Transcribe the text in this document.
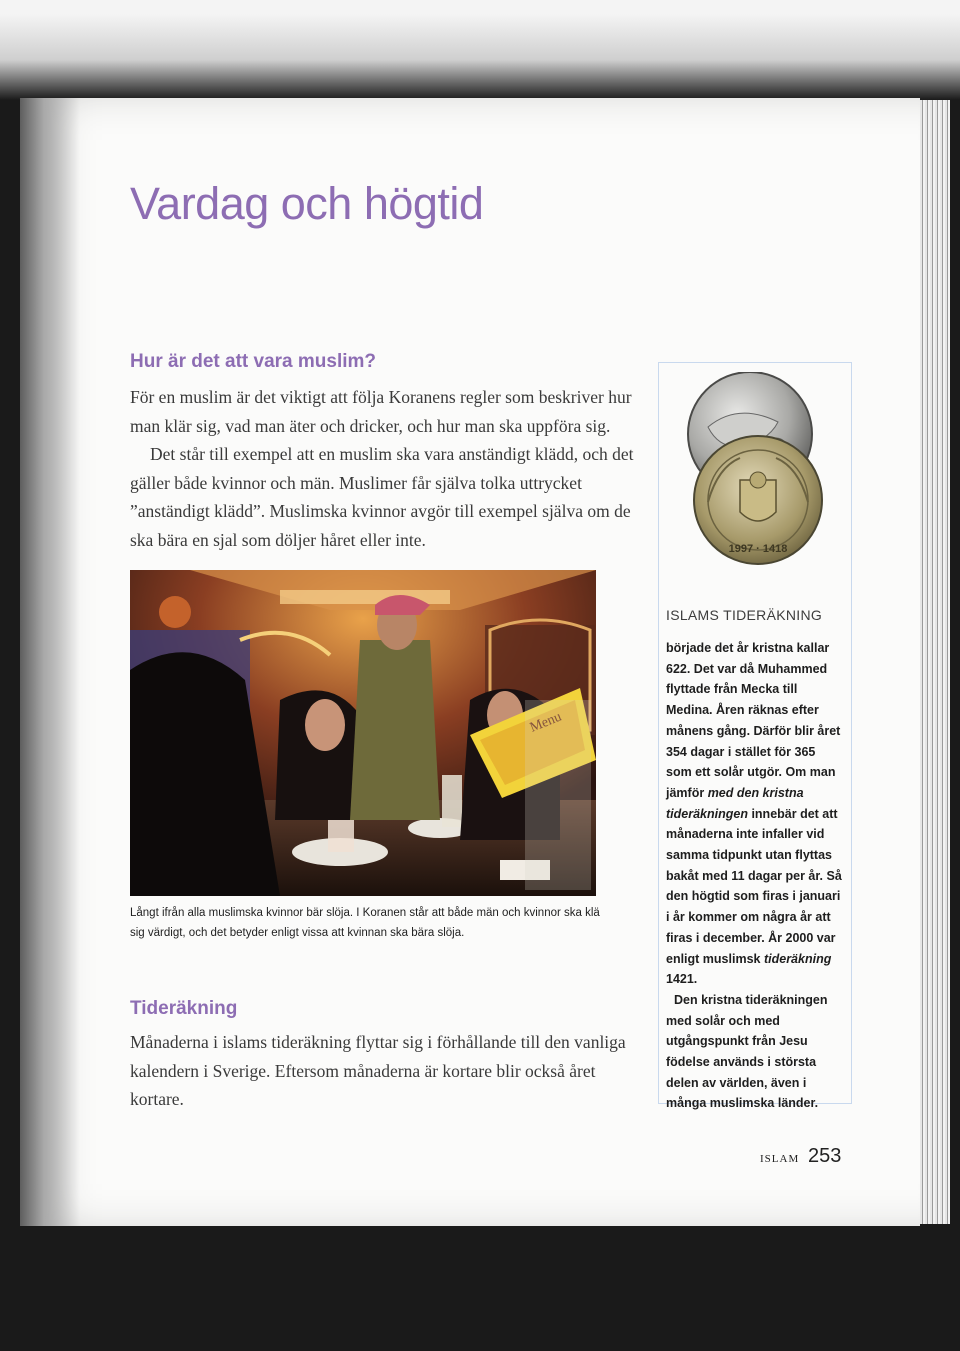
Vardag och högtid
Hur är det att vara muslim?

För en muslim är det viktigt att följa Koranens regler som beskriver hur man klär sig, vad man äter och dricker, och hur man ska uppföra sig.

Det står till exempel att en muslim ska vara anständigt klädd, och det gäller både kvinnor och män. Muslimer får själva tolka uttrycket ”anständigt klädd”. Muslimska kvinnor avgör till exempel själva om de ska bära en sjal som döljer håret eller inte.

Menu
Långt ifrån alla muslimska kvinnor bär slöja. I Koranen står att både män och kvinnor ska klä sig värdigt, och det betyder enligt vissa att kvinnan ska bära slöja.
Tideräkning

Månaderna i islams tideräkning flyttar sig i förhållande till den vanliga kalendern i Sverige. Eftersom månaderna är kortare blir också året kortare.

1997 · 1418
ISLAMS TIDERÄKNING

började det år kristna kallar 622. Det var då Muhammed flyttade från Mecka till Medina. Åren räknas efter månens gång. Därför blir året 354 dagar i stället för 365 som ett solår utgör. Om man jämför med den kristna tideräkningen innebär det att månaderna inte infaller vid samma tidpunkt utan flyttas bakåt med 11 dagar per år. Så den högtid som firas i januari i år kommer om några år att firas i december. År 2000 var enligt muslimsk tideräkning 1421.

Den kristna tideräkningen med solår och med utgångspunkt från Jesu födelse används i största delen av världen, även i många muslimska länder.

ISLAM 253
